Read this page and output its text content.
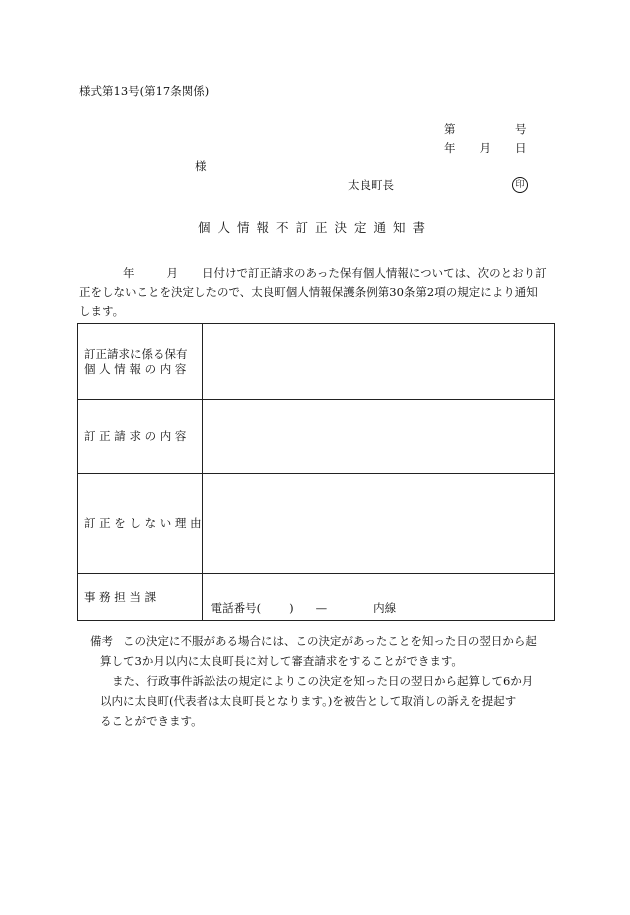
様式第13号(第17条関係)
第	号
年 月 日
様
太良町長	印
個人情報不訂正決定通知書
年	月 日付けで訂正請求のあった保有個人情報については、次のとおり訂
正をしないことを決定したので、太良町個人情報保護条例第30条第2項の規定により通知
します。
訂正請求に係る保有
個 人 情 報 の 内 容	

訂 正 請 求 の 内 容	

訂 正 を し な い 理 由	

事 務 担 当 課	電話番号( ) — 内線
備考 この決定に不服がある場合には、この決定があったことを知った日の翌日から起
算して3か月以内に太良町長に対して審査請求をすることができます。
また、行政事件訴訟法の規定によりこの決定を知った日の翌日から起算して6か月
以内に太良町(代表者は太良町長となります。)を被告として取消しの訴えを提起す
ることができます。
